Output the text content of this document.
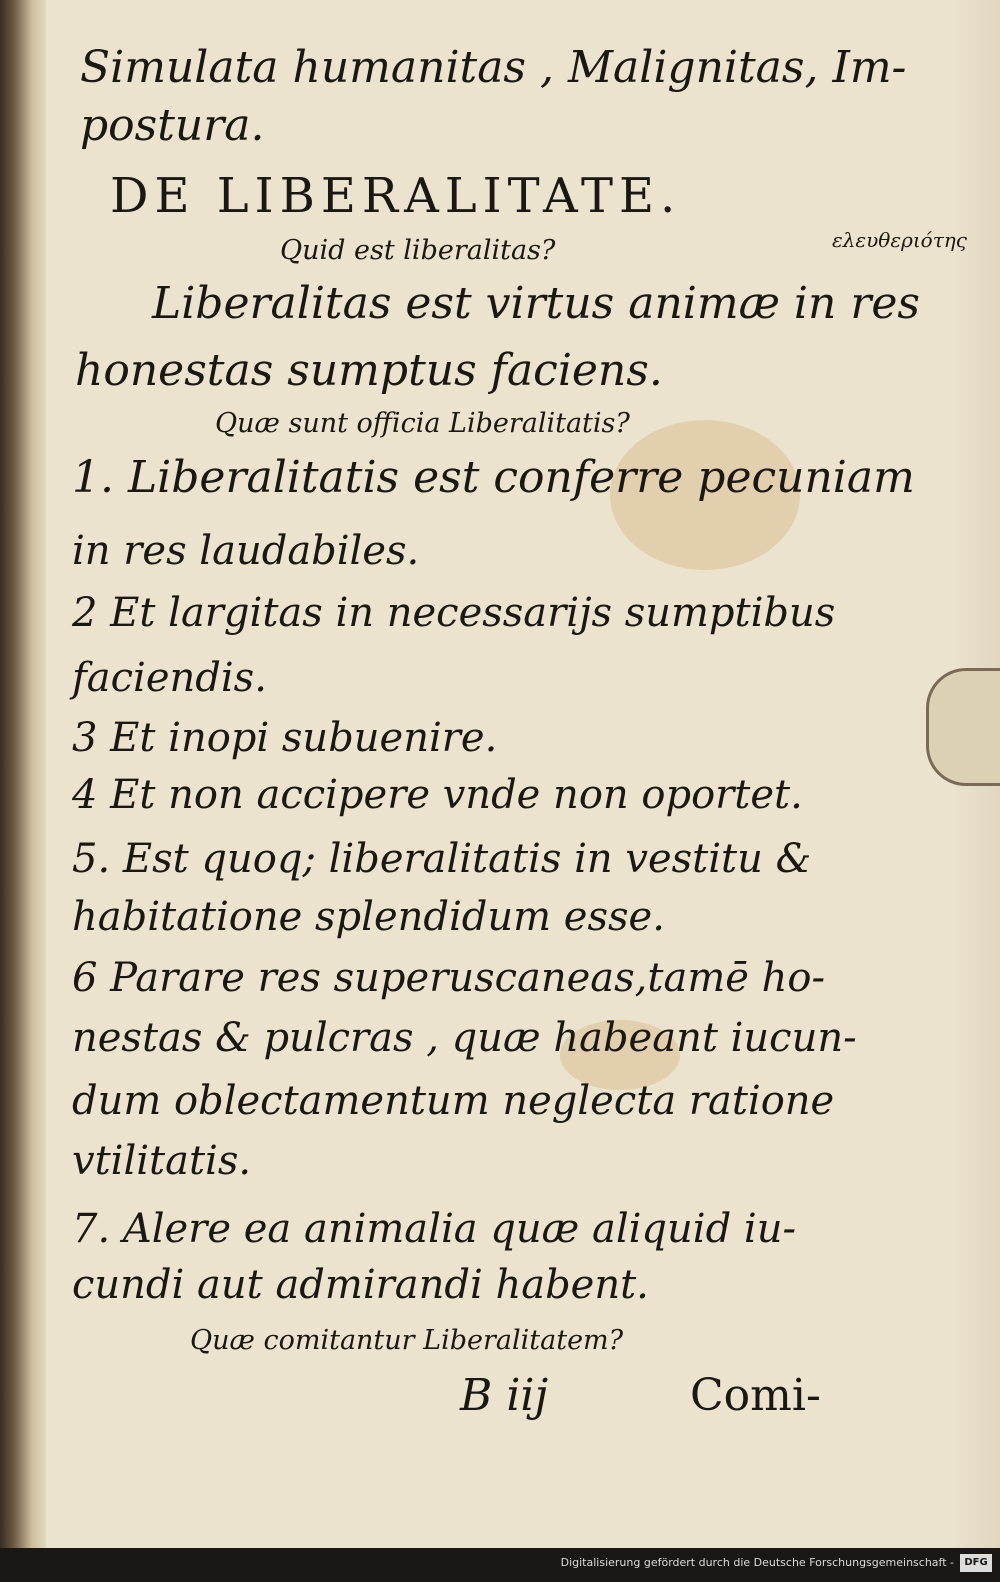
Simulata humanitas , Malignitas, Im-
postura.
DE LIBERALITATE.
Quid est liberalitas?
Liberalitas est virtus animæ in res
honestas sumptus faciens.
Quæ sunt officia Liberalitatis?
1. Liberalitatis est conferre pecuniam
in res laudabiles.
2 Et largitas in necessarijs sumptibus
faciendis.
3 Et inopi subuenire.
4 Et non accipere vnde non oportet.
5. Est quoq; liberalitatis in vestitu &
habitatione splendidum esse.
6 Parare res superuscaneas,tamē ho-
nestas & pulcras , quæ habeant iucun-
dum oblectamentum neglecta ratione
vtilitatis.
7. Alere ea animalia quæ aliquid iu-
cundi aut admirandi habent.
Quæ comitantur Liberalitatem?
B iij	Comi-
ελευθεριότης
Digitalisierung gefördert durch die Deutsche Forschungsgemeinschaft -	DFG
